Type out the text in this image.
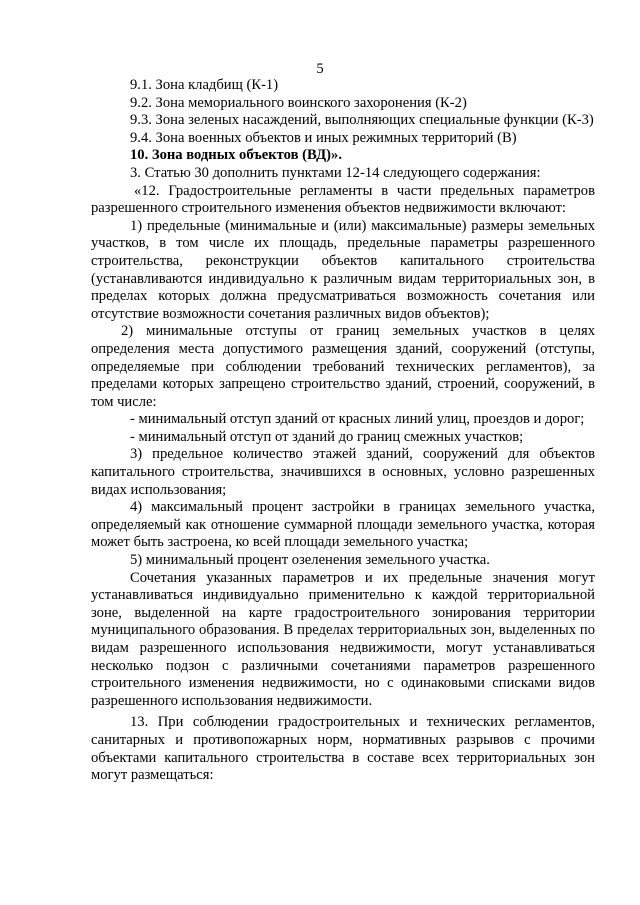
5

9.1. Зона кладбищ (К-1)

9.2. Зона мемориального воинского захоронения (К-2)

9.3. Зона зеленых насаждений, выполняющих специальные функции (К-3)

9.4. Зона военных объектов и иных режимных территорий (В)

10. Зона водных объектов (ВД)».

3. Статью 30 дополнить пунктами 12-14 следующего содержания:

«12. Градостроительные регламенты в части предельных параметров разрешенного строительного изменения объектов недвижимости включают:

1) предельные (минимальные и (или) максимальные) размеры земельных участков, в том числе их площадь, предельные параметры разрешенного строительства, реконструкции объектов капитального строительства (устанавливаются индивидуально к различным видам территориальных зон, в пределах которых должна предусматриваться возможность сочетания или отсутствие возможности сочетания различных видов объектов);

2) минимальные отступы от границ земельных участков в целях определения места допустимого размещения зданий, сооружений (отступы, определяемые при соблюдении требований технических регламентов), за пределами которых запрещено строительство зданий, строений, сооружений, в том числе:

- минимальный отступ зданий от красных линий улиц, проездов и дорог;

- минимальный отступ от зданий до границ смежных участков;

3) предельное количество этажей зданий, сооружений для объектов капитального строительства, значившихся в основных, условно разрешенных видах использования;

4) максимальный процент застройки в границах земельного участка, определяемый как отношение суммарной площади земельного участка, которая может быть застроена, ко всей площади земельного участка;

5) минимальный процент озеленения земельного участка.

Сочетания указанных параметров и их предельные значения могут устанавливаться индивидуально применительно к каждой территориальной зоне, выделенной на карте градостроительного зонирования территории муниципального образования. В пределах территориальных зон, выделенных по видам разрешенного использования недвижимости, могут устанавливаться несколько подзон с различными сочетаниями параметров разрешенного строительного изменения недвижимости, но с одинаковыми списками видов разрешенного использования недвижимости.

13. При соблюдении градостроительных и технических регламентов, санитарных и противопожарных норм, нормативных разрывов с прочими объектами капитального строительства в составе всех территориальных зон могут размещаться:
